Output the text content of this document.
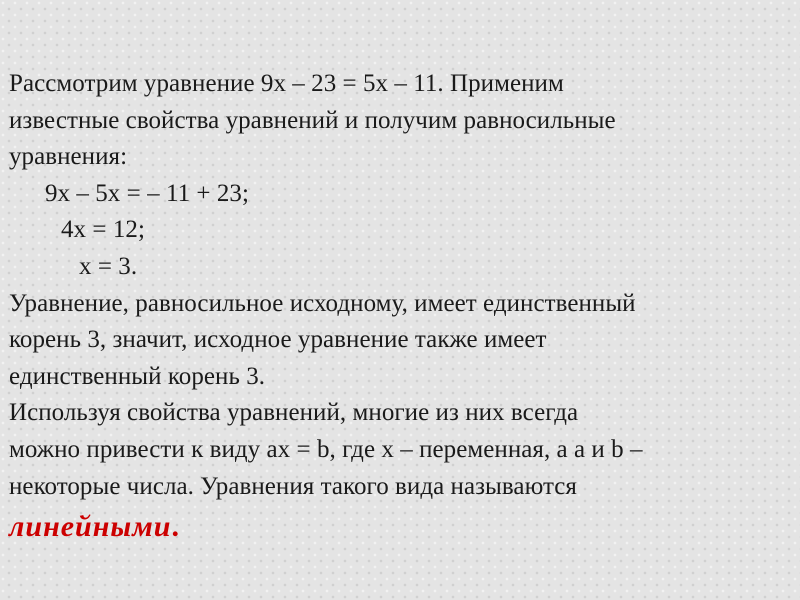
Рассмотрим уравнение 9x – 23 = 5x – 11. Применим
известные свойства уравнений и получим равносильные
уравнения:
9x – 5x = – 11 + 23;
4x = 12;
x = 3.
Уравнение, равносильное исходному, имеет единственный
корень 3, значит, исходное уравнение также имеет
единственный корень 3.
Используя свойства уравнений, многие из них всегда
можно привести к виду ax = b, где x – переменная, a a и b –
некоторые числа. Уравнения такого вида называются
линейными.
